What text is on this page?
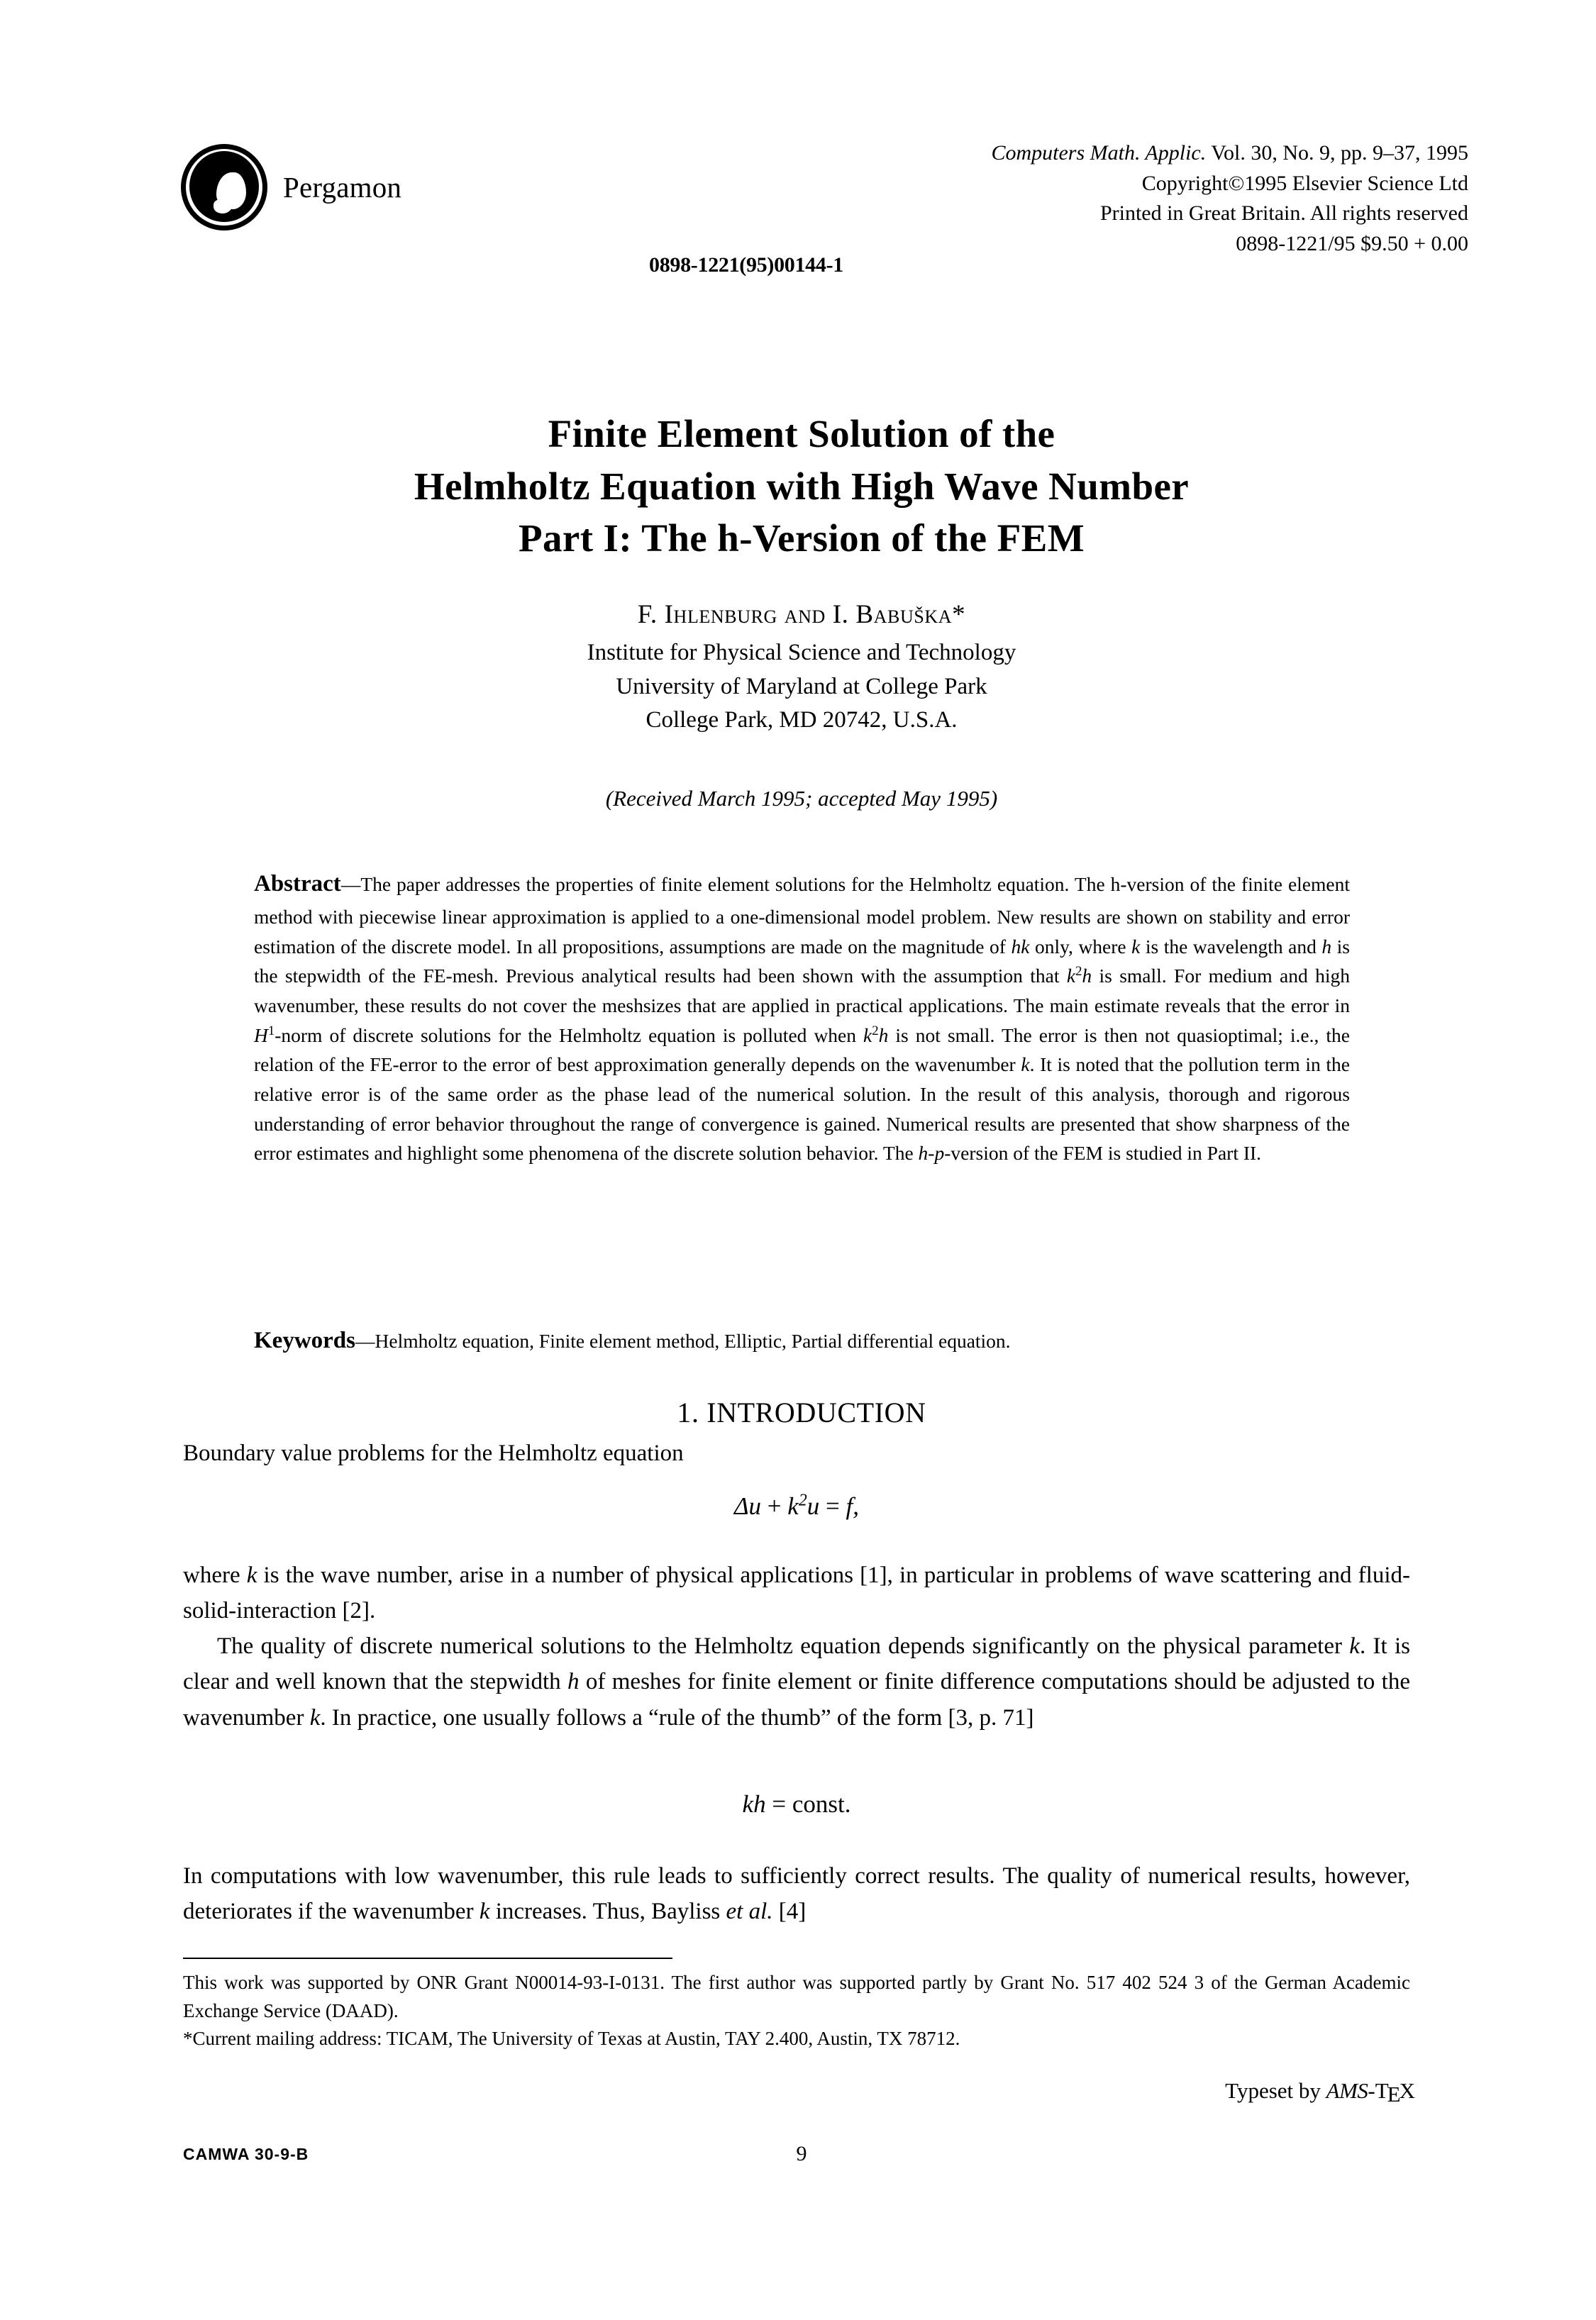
Pergamon
Computers Math. Applic. Vol. 30, No. 9, pp. 9–37, 1995
Copyright©1995 Elsevier Science Ltd
Printed in Great Britain. All rights reserved
0898-1221/95 $9.50 + 0.00
0898-1221(95)00144-1
Finite Element Solution of the
Helmholtz Equation with High Wave Number
Part I: The h-Version of the FEM
F. Ihlenburg and I. Babuška*
Institute for Physical Science and Technology
University of Maryland at College Park
College Park, MD 20742, U.S.A.
(Received March 1995; accepted May 1995)
Abstract—The paper addresses the properties of finite element solutions for the Helmholtz equation. The h-version of the finite element method with piecewise linear approximation is applied to a one-dimensional model problem. New results are shown on stability and error estimation of the discrete model. In all propositions, assumptions are made on the magnitude of hk only, where k is the wavelength and h is the stepwidth of the FE-mesh. Previous analytical results had been shown with the assumption that $k^2h$ is small. For medium and high wavenumber, these results do not cover the meshsizes that are applied in practical applications. The main estimate reveals that the error in $H^1$-norm of discrete solutions for the Helmholtz equation is polluted when $k^2h$ is not small. The error is then not quasioptimal; i.e., the relation of the FE-error to the error of best approximation generally depends on the wavenumber k. It is noted that the pollution term in the relative error is of the same order as the phase lead of the numerical solution. In the result of this analysis, thorough and rigorous understanding of error behavior throughout the range of convergence is gained. Numerical results are presented that show sharpness of the error estimates and highlight some phenomena of the discrete solution behavior. The h-p-version of the FEM is studied in Part II.
Keywords—Helmholtz equation, Finite element method, Elliptic, Partial differential equation.
1. INTRODUCTION

Boundary value problems for the Helmholtz equation

$\Delta u + k^2u = f$,

where k is the wave number, arise in a number of physical applications [1], in particular in problems of wave scattering and fluid-solid-interaction [2].

The quality of discrete numerical solutions to the Helmholtz equation depends significantly on the physical parameter k. It is clear and well known that the stepwidth h of meshes for finite element or finite difference computations should be adjusted to the wavenumber k. In practice, one usually follows a “rule of the thumb” of the form [3, p. 71]

kh = const.

In computations with low wavenumber, this rule leads to sufficiently correct results. The quality of numerical results, however, deteriorates if the wavenumber k increases. Thus, Bayliss et al. [4]

This work was supported by ONR Grant N00014-93-I-0131. The first author was supported partly by Grant No. 517 402 524 3 of the German Academic Exchange Service (DAAD).

*Current mailing address: TICAM, The University of Texas at Austin, TAY 2.400, Austin, TX 78712.

Typeset by AMS-TEX
CAMWA 30-9-B	9
